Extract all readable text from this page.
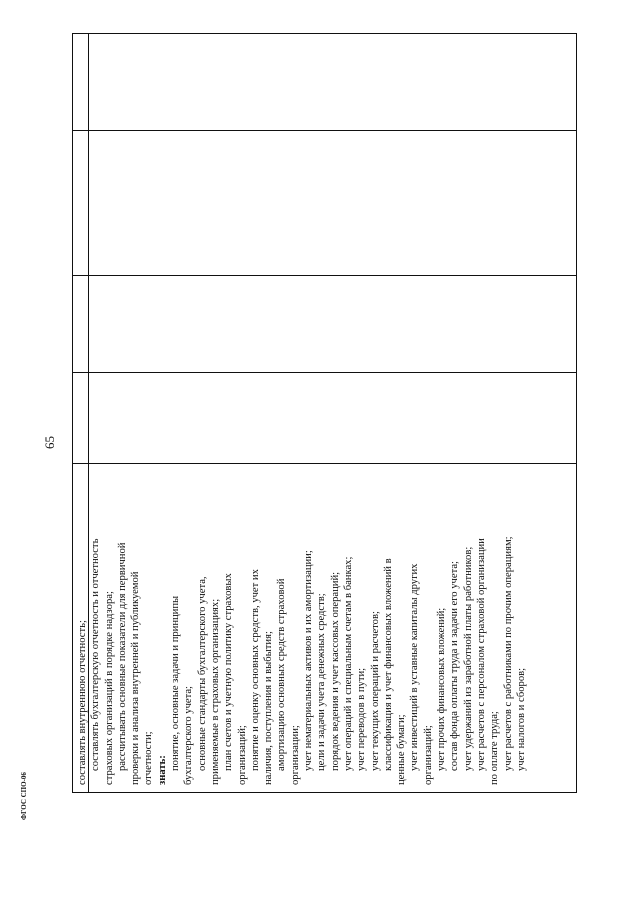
65
составлять внутреннюю отчетность; составлять бухгалтерскую отчетность и отчетность страховых организаций в порядке надзора; рассчитывать основные показатели для первичной проверки и анализа внутренней и публикуемой отчетности; знать: понятие, основные задачи и принципы бухгалтерского учета; основные стандарты бухгалтерского учета, применяемые в страховых организациях; план счетов и учетную политику страховых организаций; понятие и оценку основных средств, учет их наличия, поступления и выбытия; амортизацию основных средств страховой организации; учет нематериальных активов и их амортизации; цели и задачи учета денежных средств; порядок ведения и учет кассовых операций; учет операций и специальным счетам в банках; учет переводов в пути; учет текущих операций и расчетов; классификация и учет финансовых вложений в ценные бумаги; учет инвестиций в уставные капиталы других организаций; учет прочих финансовых вложений; состав фонда оплаты труда и задачи его учета; учет удержаний из заработной платы работников; учет расчетов с персоналом страховой организации по оплате труда; учет расчетов с работниками по прочим операциям; учет налогов и сборов;
ФГОС СПО-06
